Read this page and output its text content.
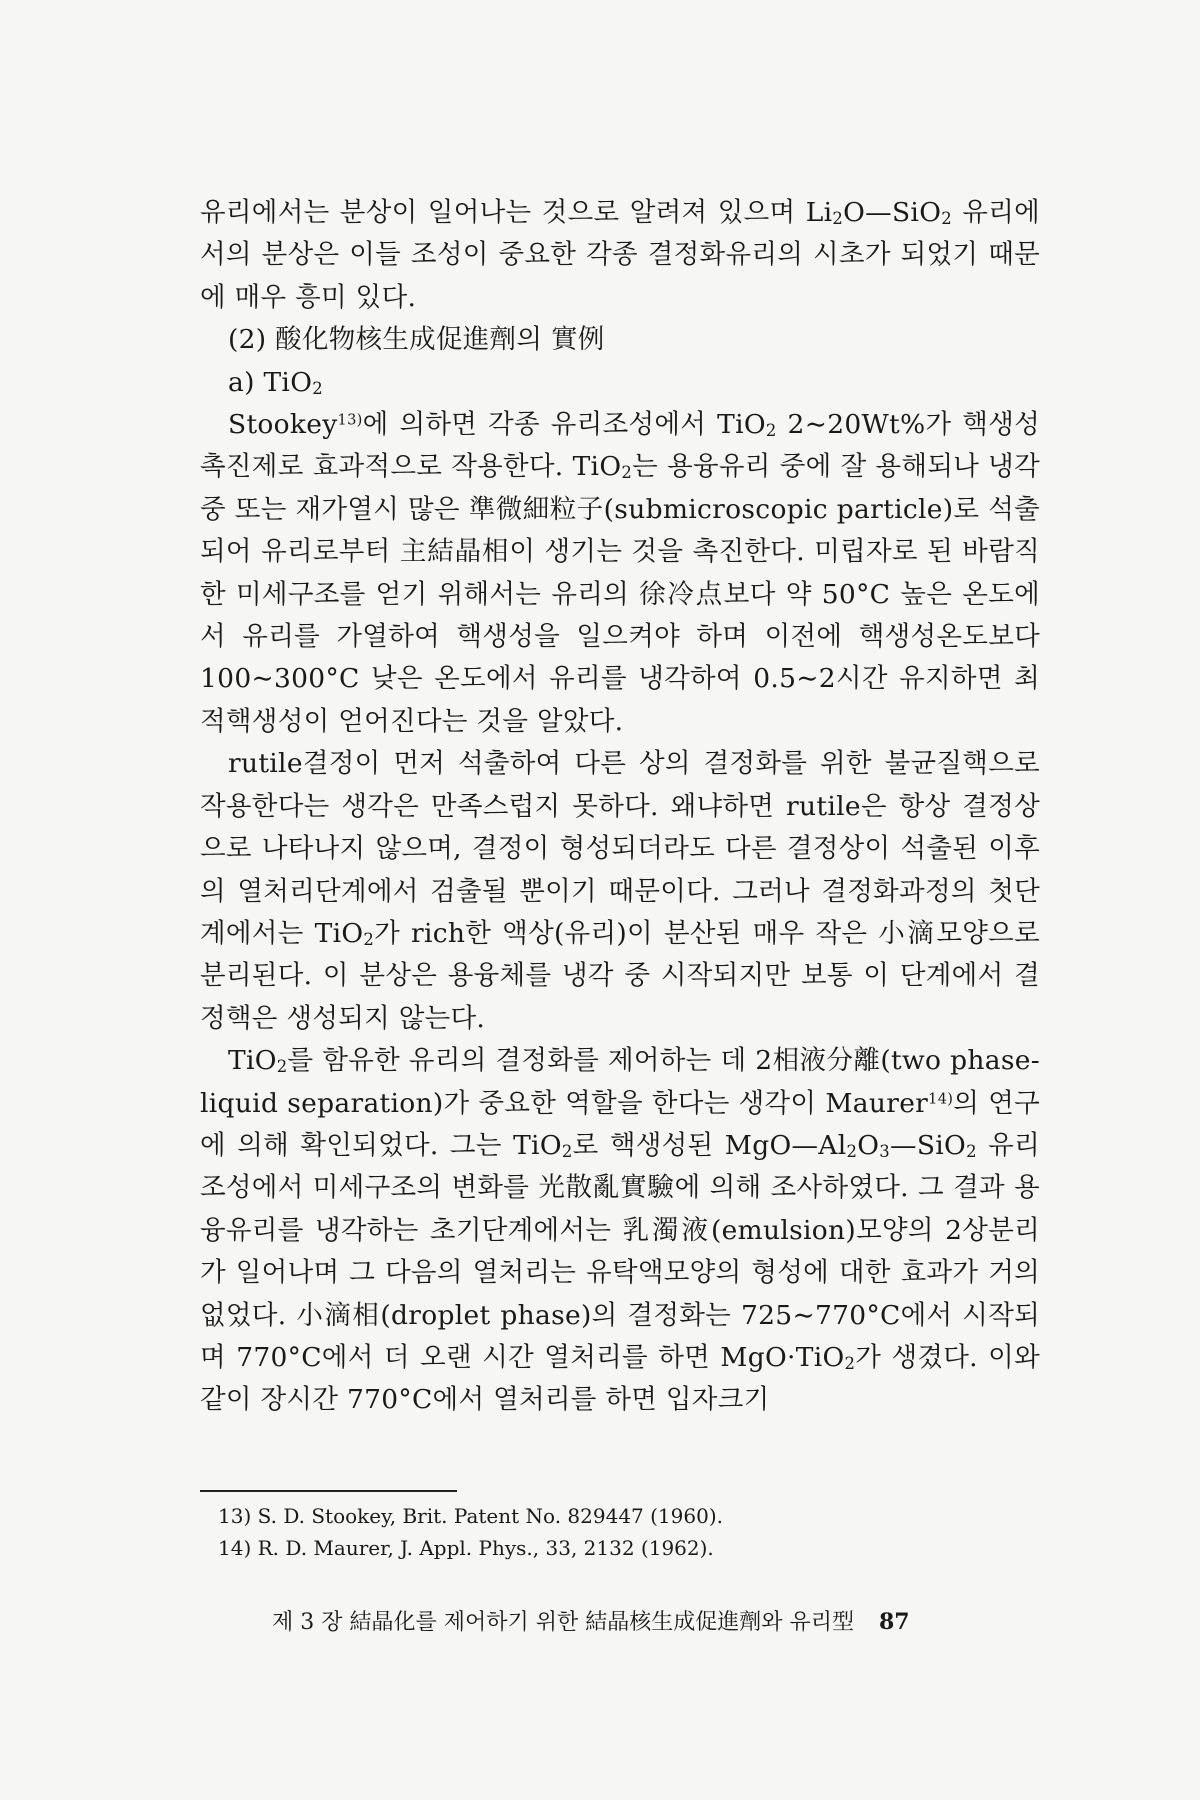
유리에서는 분상이 일어나는 것으로 알려져 있으며 Li2O—SiO2 유리에서의 분상은 이들 조성이 중요한 각종 결정화유리의 시초가 되었기 때문에 매우 흥미 있다.

(2) 酸化物核生成促進劑의 實例

a) TiO2

Stookey$^{13)}$에 의하면 각종 유리조성에서 TiO2 2∼20Wt%가 핵생성촉진제로 효과적으로 작용한다. TiO2는 용융유리 중에 잘 용해되나 냉각중 또는 재가열시 많은 準微細粒子(submicroscopic particle)로 석출되어 유리로부터 主結晶相이 생기는 것을 촉진한다. 미립자로 된 바람직한 미세구조를 얻기 위해서는 유리의 徐冷点보다 약 50°C 높은 온도에서 유리를 가열하여 핵생성을 일으켜야 하며 이전에 핵생성온도보다 100∼300°C 낮은 온도에서 유리를 냉각하여 0.5∼2시간 유지하면 최적핵생성이 얻어진다는 것을 알았다.

rutile결정이 먼저 석출하여 다른 상의 결정화를 위한 불균질핵으로 작용한다는 생각은 만족스럽지 못하다. 왜냐하면 rutile은 항상 결정상으로 나타나지 않으며, 결정이 형성되더라도 다른 결정상이 석출된 이후의 열처리단계에서 검출될 뿐이기 때문이다. 그러나 결정화과정의 첫단계에서는 TiO2가 rich한 액상(유리)이 분산된 매우 작은 小滴모양으로 분리된다. 이 분상은 용융체를 냉각 중 시작되지만 보통 이 단계에서 결정핵은 생성되지 않는다.

TiO2를 함유한 유리의 결정화를 제어하는 데 2相液分離(two phase-liquid separation)가 중요한 역할을 한다는 생각이 Maurer$^{14)}$의 연구에 의해 확인되었다. 그는 TiO2로 핵생성된 MgO—Al2O3—SiO2 유리조성에서 미세구조의 변화를 光散亂實驗에 의해 조사하였다. 그 결과 용융유리를 냉각하는 초기단계에서는 乳濁液(emulsion)모양의 2상분리가 일어나며 그 다음의 열처리는 유탁액모양의 형성에 대한 효과가 거의 없었다. 小滴相(droplet phase)의 결정화는 725∼770°C에서 시작되며 770°C에서 더 오랜 시간 열처리를 하면 MgO·TiO2가 생겼다. 이와 같이 장시간 770°C에서 열처리를 하면 입자크기

13) S. D. Stookey, Brit. Patent No. 829447 (1960).
14) R. D. Maurer, J. Appl. Phys., 33, 2132 (1962).
제 3 장 結晶化를 제어하기 위한 結晶核生成促進劑와 유리型 87
